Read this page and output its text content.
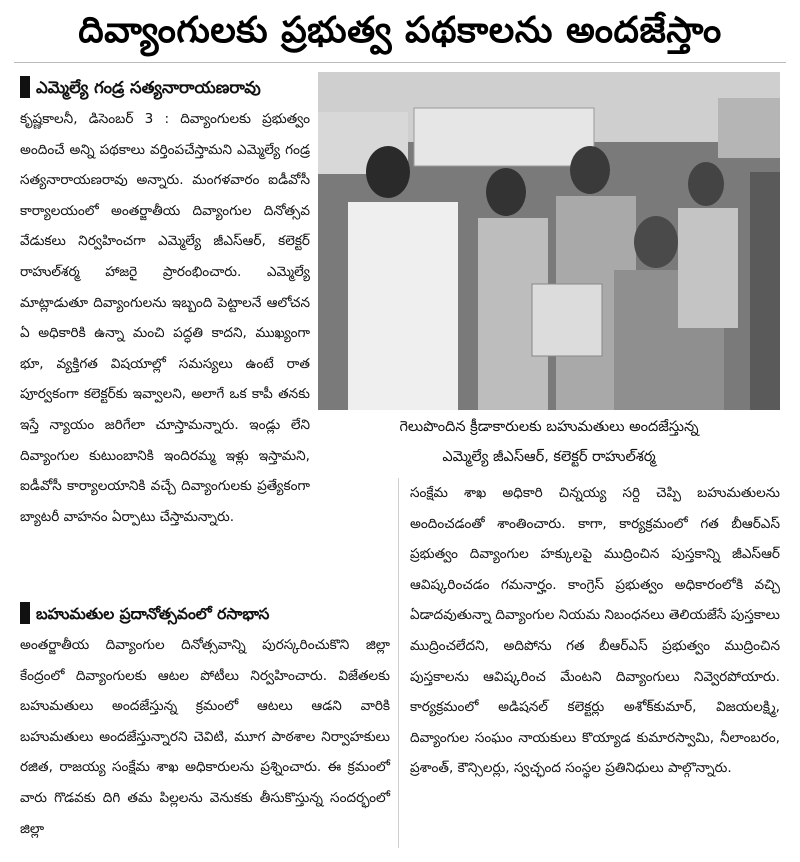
దివ్యాంగులకు ప్రభుత్వ పథకాలను అందజేస్తాం
ఎమ్మెల్యే గండ్ర సత్యనారాయణరావు

కృష్ణకాలనీ, డిసెంబర్ 3 : దివ్యాంగులకు ప్రభుత్వం అందించే అన్ని పథకాలు వర్తింపచేస్తామని ఎమ్మెల్యే గండ్ర సత్యనారాయణరావు అన్నారు. మంగళవారం ఐడీవోసీ కార్యాలయంలో అంతర్జాతీయ దివ్యాంగుల దినోత్సవ వేడుకలు నిర్వహించగా ఎమ్మెల్యే జీఎస్‌ఆర్, కలెక్టర్ రాహుల్‌శర్మ హాజరై ప్రారంభించారు. ఎమ్మెల్యే మాట్లాడుతూ దివ్యాంగులను ఇబ్బంది పెట్టాలనే ఆలోచన ఏ అధికారికి ఉన్నా మంచి పద్ధతి కాదని, ముఖ్యంగా భూ, వ్యక్తిగత విషయాల్లో సమస్యలు ఉంటే రాత పూర్వకంగా కలెక్టర్‌కు ఇవ్వాలని, అలాగే ఒక కాపీ తనకు ఇస్తే న్యాయం జరిగేలా చూస్తామన్నారు. ఇండ్లు లేని దివ్యాంగుల కుటుంబానికి ఇందిరమ్మ ఇళ్లు ఇస్తామని, ఐడీవోసీ కార్యాలయానికి వచ్చే దివ్యాంగులకు ప్రత్యేకంగా బ్యాటరీ వాహనం ఏర్పాటు చేస్తామన్నారు.

గెలుపొందిన క్రీడాకారులకు బహుమతులు అందజేస్తున్న
ఎమ్మెల్యే జీఎస్‌ఆర్, కలెక్టర్ రాహుల్‌శర్మ
బహుమతుల ప్రదానోత్సవంలో రసాభాస

అంతర్జాతీయ దివ్యాంగుల దినోత్సవాన్ని పురస్కరించుకొని జిల్లా కేంద్రంలో దివ్యాంగులకు ఆటల పోటీలు నిర్వహించారు. విజేతలకు బహుమతులు అందజేస్తున్న క్రమంలో ఆటలు ఆడని వారికి బహుమతులు అందజేస్తున్నారని చెవిటి, మూగ పాఠశాల నిర్వాహకులు రజిత, రాజయ్య సంక్షేమ శాఖ అధికారులను ప్రశ్నించారు. ఈ క్రమంలో వారు గొడవకు దిగి తమ పిల్లలను వెనుకకు తీసుకొస్తున్న సందర్భంలో జిల్లా

సంక్షేమ శాఖ అధికారి చిన్నయ్య సర్ది చెప్పి బహుమతులను అందించడంతో శాంతించారు. కాగా, కార్యక్రమంలో గత బీఆర్‌ఎస్ ప్రభుత్వం దివ్యాంగుల హక్కులపై ముద్రించిన పుస్తకాన్ని జీఎస్‌ఆర్ ఆవిష్కరించడం గమనార్హం. కాంగ్రెస్ ప్రభుత్వం అధికారంలోకి వచ్చి ఏడాదవుతున్నా దివ్యాంగుల నియమ నిబంధనలు తెలియజేసే పుస్తకాలు ముద్రించలేదని, అదిపోను గత బీఆర్‌ఎస్ ప్రభుత్వం ముద్రించిన పుస్తకాలను ఆవిష్కరించ మేంటని దివ్యాంగులు నివ్వెరపోయారు. కార్యక్రమంలో అడిషనల్ కలెక్టర్లు అశోక్‌కుమార్, విజయలక్ష్మి, దివ్యాంగుల సంఘం నాయకులు కొయ్యాడ కుమారస్వామి, నీలాంబరం, ప్రశాంత్, కౌన్సిలర్లు, స్వచ్ఛంద సంస్థల ప్రతినిధులు పాల్గొన్నారు.
